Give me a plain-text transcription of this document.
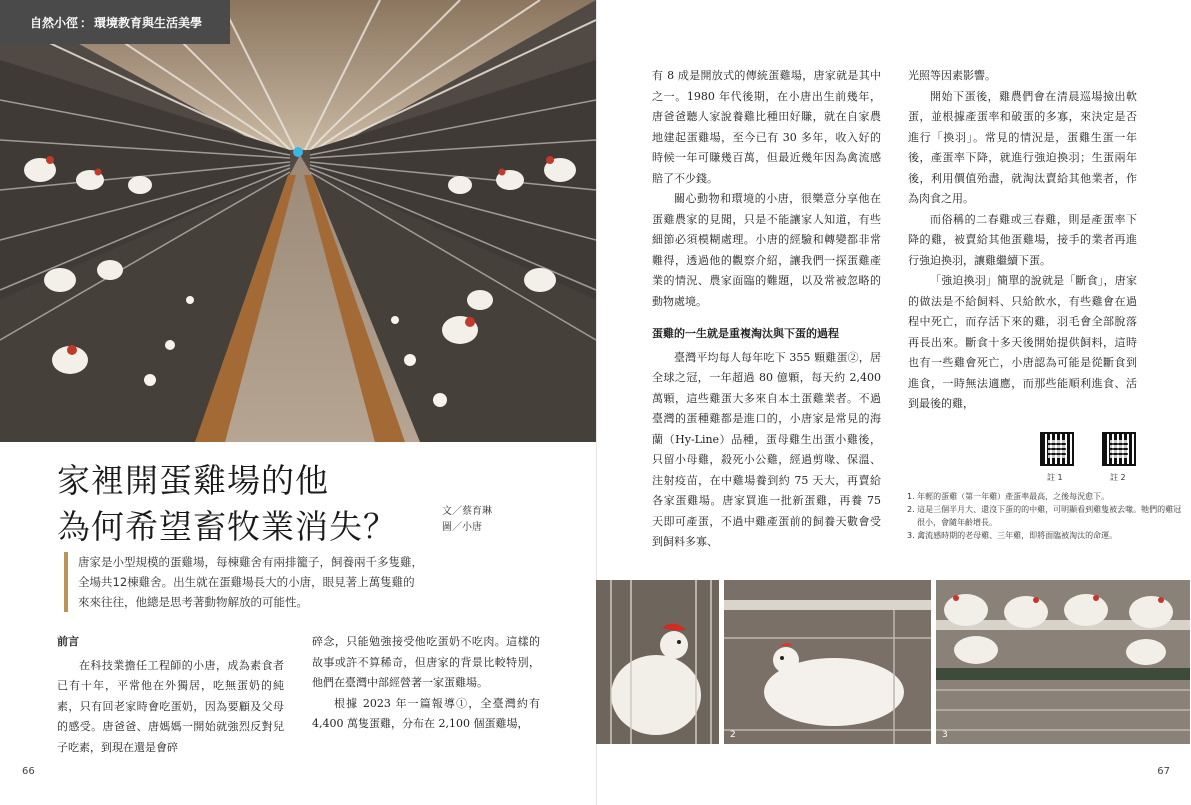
自然小徑 ： 環境教育與生活美學
家裡開蛋雞場的他
為何希望畜牧業消失？	文／蔡育琳
圖／小唐
唐家是小型規模的蛋雞場，每棟雞舍有兩排籠子，飼養兩千多隻雞，全場共12棟雞舍。出生就在蛋雞場長大的小唐，眼見著上萬隻雞的來來往往，他總是思考著動物解放的可能性。
前言

在科技業擔任工程師的小唐，成為素食者已有十年，平常他在外獨居，吃無蛋奶的純素，只有回老家時會吃蛋奶，因為要顧及父母的感受。唐爸爸、唐媽媽一開始就強烈反對兒子吃素，到現在還是會碎

碎念，只能勉強接受他吃蛋奶不吃肉。這樣的故事或許不算稀奇，但唐家的背景比較特別，他們在臺灣中部經營著一家蛋雞場。

根據 2023 年一篇報導①，全臺灣約有 4,400 萬隻蛋雞，分布在 2,100 個蛋雞場，

66

有 8 成是開放式的傳統蛋雞場，唐家就是其中之一。1980 年代後期，在小唐出生前幾年，唐爸爸聽人家說養雞比種田好賺，就在自家農地建起蛋雞場，至今已有 30 多年，收入好的時候一年可賺幾百萬，但最近幾年因為禽流感賠了不少錢。

關心動物和環境的小唐，很樂意分享他在蛋雞農家的見聞，只是不能讓家人知道，有些細節必須模糊處理。小唐的經驗和轉變都非常難得，透過他的觀察介紹，讓我們一探蛋雞產業的情況、農家面臨的難題，以及常被忽略的動物處境。

蛋雞的一生就是重複淘汰與下蛋的過程

臺灣平均每人每年吃下 355 顆雞蛋②，居全球之冠，一年超過 80 億顆，每天約 2,400 萬顆，這些雞蛋大多來自本土蛋雞業者。不過臺灣的蛋種雞都是進口的，小唐家是常見的海蘭（Hy-Line）品種，蛋母雞生出蛋小雞後，只留小母雞，殺死小公雞，經過剪喙、保溫、注射疫苗，在中雞場養到約 75 天大，再賣給各家蛋雞場。唐家買進一批新蛋雞，再養 75 天即可產蛋，不過中雞產蛋前的飼養天數會受到飼料多寡、

光照等因素影響。

開始下蛋後，雞農們會在清晨巡場撿出軟蛋，並根據產蛋率和破蛋的多寡，來決定是否進行「換羽」。常見的情況是，蛋雞生蛋一年後，產蛋率下降，就進行強迫換羽；生蛋兩年後，利用價值殆盡，就淘汰賣給其他業者，作為肉食之用。

而俗稱的二春雞或三春雞，則是產蛋率下降的雞，被賣給其他蛋雞場，接手的業者再進行強迫換羽，讓雞繼續下蛋。

「強迫換羽」簡單的說就是「斷食」，唐家的做法是不給飼料、只給飲水，有些雞會在過程中死亡，而存活下來的雞，羽毛會全部脫落再長出來。斷食十多天後開始提供飼料，這時也有一些雞會死亡，小唐認為可能是從斷食到進食，一時無法適應，而那些能順利進食、活到最後的雞，

註 1	註 2
1. 年輕的蛋雞（第一年雞）產蛋率最高，之後每況愈下。
2. 這是三個半月大、還沒下蛋的的中雞，可明顯看到雞隻被去喙。牠們的雞冠很小，會隨年齡增長。
3. 禽流感時期的老母雞、三年雞，即將面臨被淘汰的命運。
67
2	3
